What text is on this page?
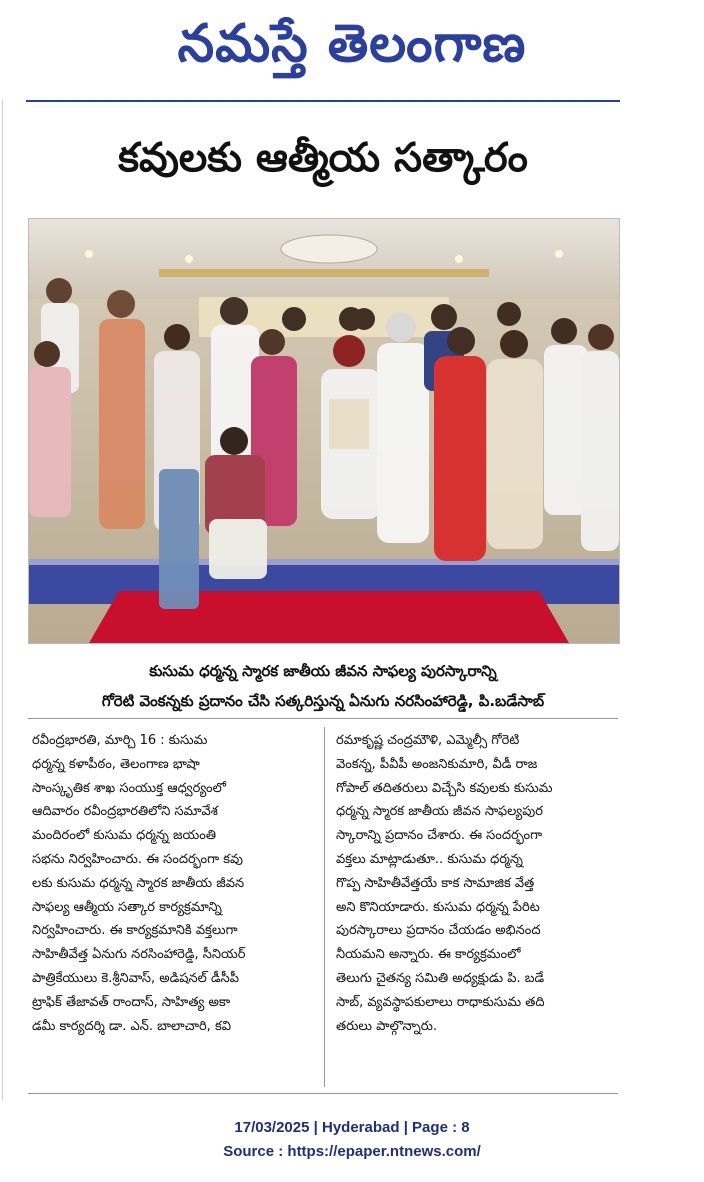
నమస్తే తెలంగాణ
కవులకు ఆత్మీయ సత్కారం
కుసుమ ధర్మన్న స్మారక జాతీయ జీవన సాఫల్య పురస్కారాన్ని
గోరెటి వెంకన్నకు ప్రదానం చేసి సత్కరిస్తున్న ఏనుగు నరసింహారెడ్డి, పి.బడేసాబ్
రవీంద్రభారతి, మార్చి 16 : కుసుమ
ధర్మన్న కళాపీఠం, తెలంగాణ భాషా
సాంస్కృతిక శాఖ సంయుక్త ఆధ్వర్యంలో
ఆదివారం రవీంద్రభారతిలోని సమావేశ
మందిరంలో కుసుమ ధర్మన్న జయంతి
సభను నిర్వహించారు. ఈ సందర్భంగా కవు
లకు కుసుమ ధర్మన్న స్మారక జాతీయ జీవన
సాఫల్య ఆత్మీయ సత్కార కార్యక్రమాన్ని
నిర్వహించారు. ఈ కార్యక్రమానికి వక్తలుగా
సాహితీవేత్త ఏనుగు నరసింహారెడ్డి, సీనియర్
పాత్రికేయులు కె.శ్రీనివాస్, అడిషనల్ డీసీపీ
ట్రాఫిక్ తేజావత్ రాందాస్, సాహిత్య అకా
డమీ కార్యదర్శి డా. ఎన్. బాలాచారి, కవి
రమాకృష్ణ చంద్రమౌళి, ఎమ్మెల్సీ గోరెటి
వెంకన్న, పీవీపీ అంజనికుమారి, వీడీ రాజ
గోపాల్ తదితరులు విచ్చేసి కవులకు కుసుమ
ధర్మన్న స్మారక జాతీయ జీవన సాఫల్యపుర
స్కారాన్ని ప్రదానం చేశారు. ఈ సందర్భంగా
వక్తలు మాట్లాడుతూ.. కుసుమ ధర్మన్న
గొప్ప సాహితీవేత్తయే కాక సామాజిక వేత్త
అని కొనియాడారు. కుసుమ ధర్మన్న పేరిట
పురస్కారాలు ప్రదానం చేయడం అభినంద
నీయమని అన్నారు. ఈ కార్యక్రమంలో
తెలుగు చైతన్య సమితి అధ్యక్షుడు పి. బడే
సాబ్, వ్యవస్థాపకులాలు రాధాకుసుమ తది
తరులు పాల్గొన్నారు.
17/03/2025 | Hyderabad | Page : 8
Source : https://epaper.ntnews.com/
